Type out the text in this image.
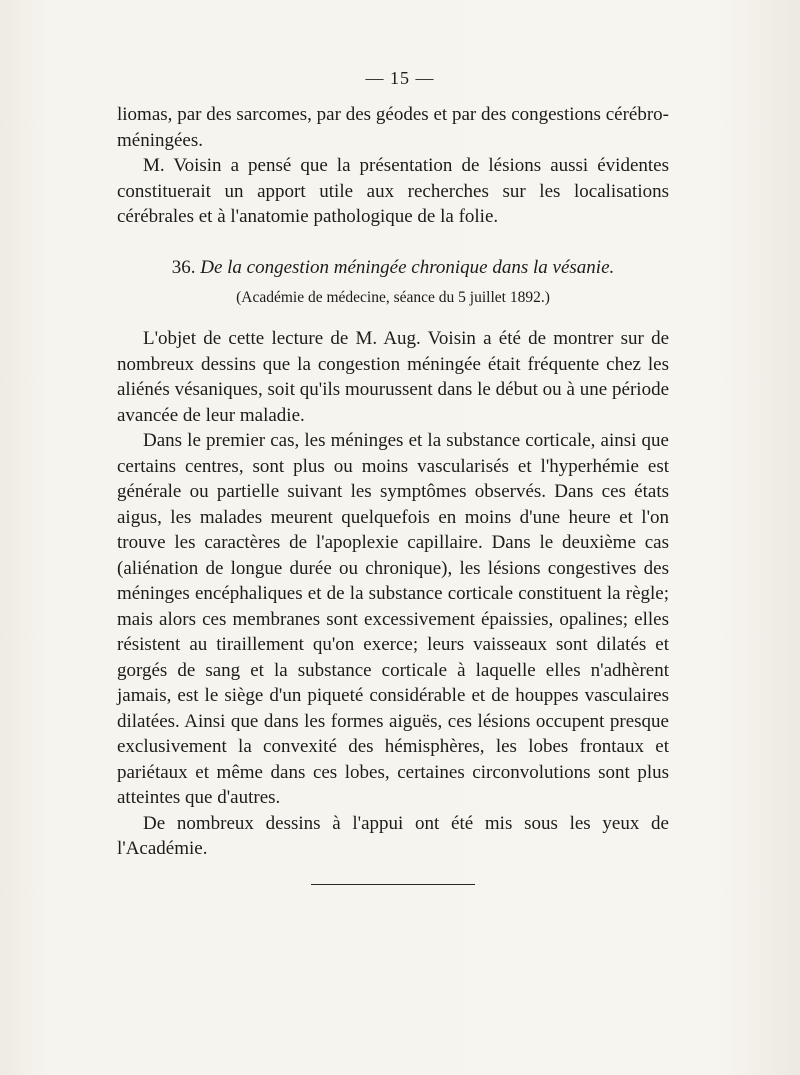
— 15 —

liomas, par des sarcomes, par des géodes et par des congestions cérébro-méningées.

M. Voisin a pensé que la présentation de lésions aussi évidentes constituerait un apport utile aux recherches sur les localisations cérébrales et à l'anatomie pathologique de la folie.

36. De la congestion méningée chronique dans la vésanie.
(Académie de médecine, séance du 5 juillet 1892.)

L'objet de cette lecture de M. Aug. Voisin a été de montrer sur de nombreux dessins que la congestion méningée était fréquente chez les aliénés vésaniques, soit qu'ils mourussent dans le début ou à une période avancée de leur maladie.

Dans le premier cas, les méninges et la substance corticale, ainsi que certains centres, sont plus ou moins vascularisés et l'hyperhémie est générale ou partielle suivant les symptômes observés. Dans ces états aigus, les malades meurent quelquefois en moins d'une heure et l'on trouve les caractères de l'apoplexie capillaire. Dans le deuxième cas (aliénation de longue durée ou chronique), les lésions congestives des méninges encéphaliques et de la substance corticale constituent la règle; mais alors ces membranes sont excessivement épaissies, opalines; elles résistent au tiraillement qu'on exerce; leurs vaisseaux sont dilatés et gorgés de sang et la substance corticale à laquelle elles n'adhèrent jamais, est le siège d'un piqueté considérable et de houppes vasculaires dilatées. Ainsi que dans les formes aiguës, ces lésions occupent presque exclusivement la convexité des hémisphères, les lobes frontaux et pariétaux et même dans ces lobes, certaines circonvolutions sont plus atteintes que d'autres.

De nombreux dessins à l'appui ont été mis sous les yeux de l'Académie.
